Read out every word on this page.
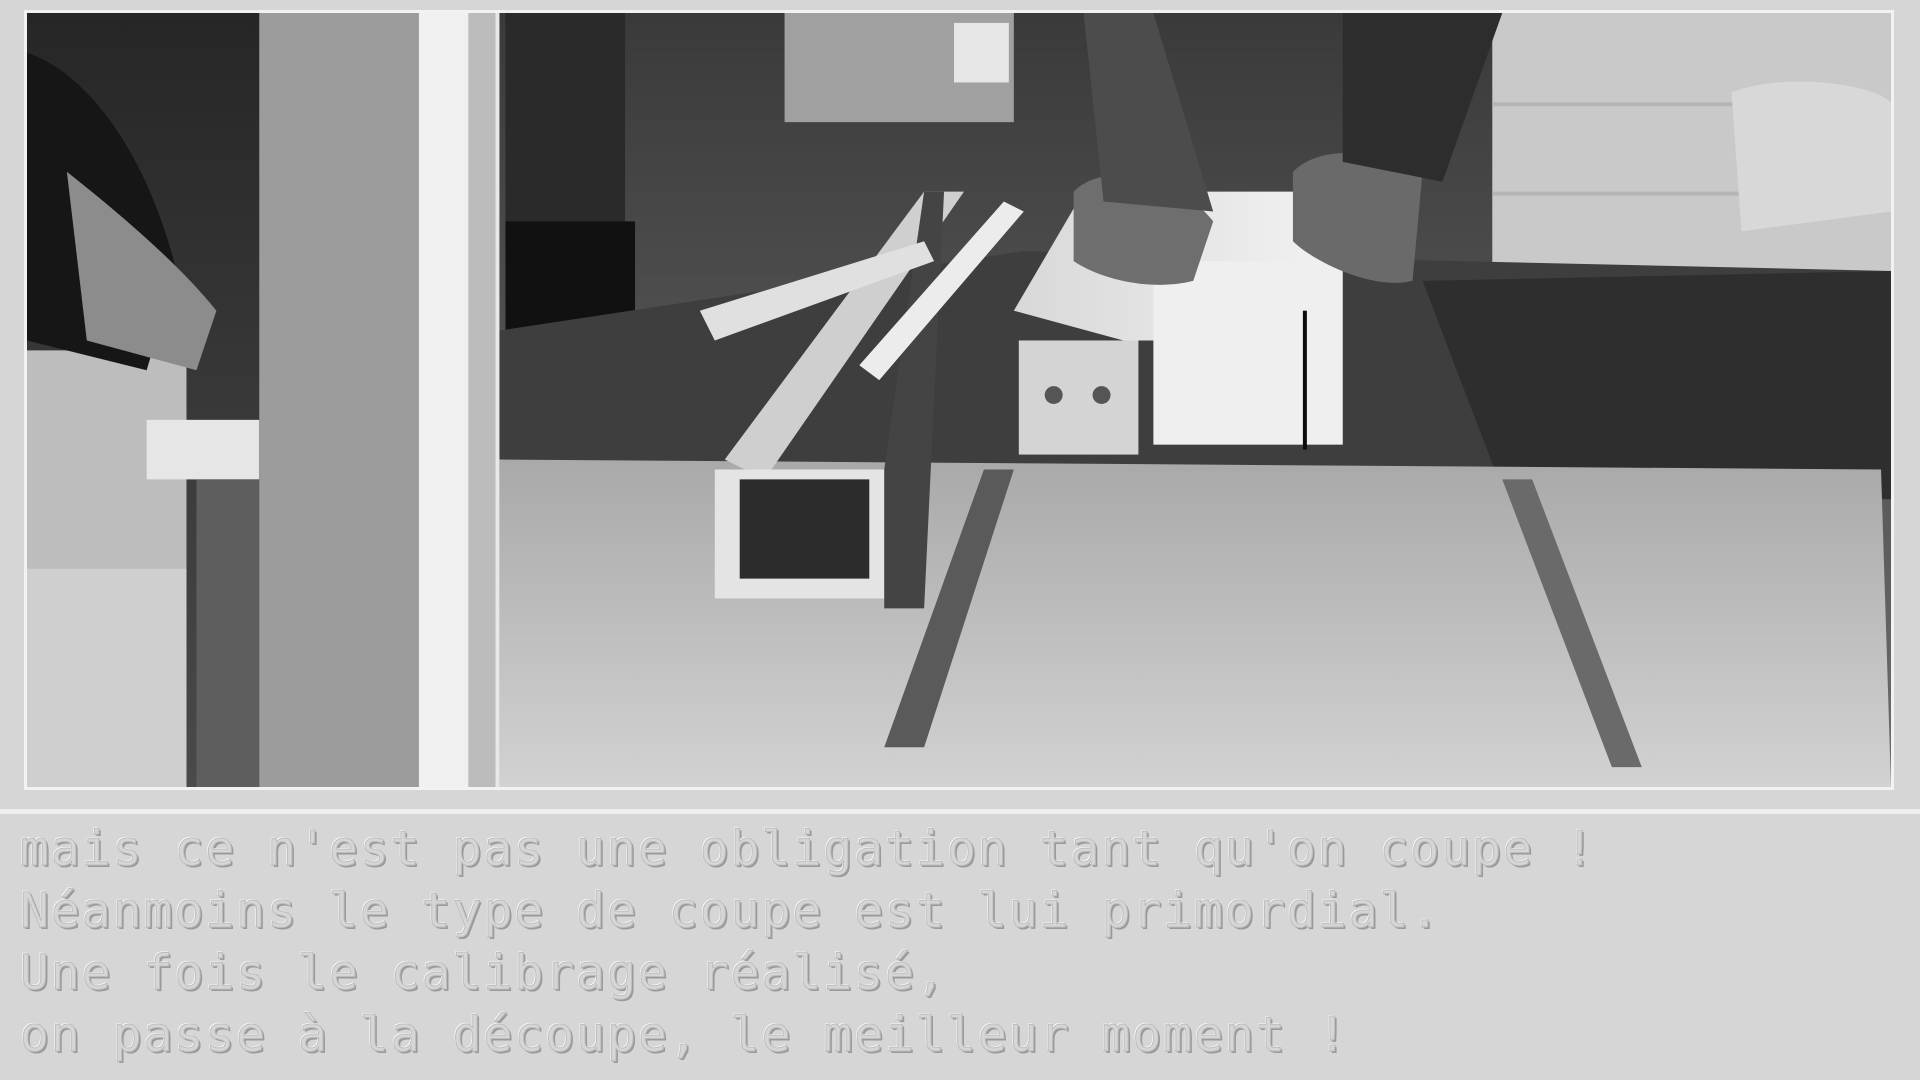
mais ce n'est pas une obligation tant qu'on coupe !
Néanmoins le type de coupe est lui primordial.
Une fois le calibrage réalisé,
on passe à la découpe, le meilleur moment !
